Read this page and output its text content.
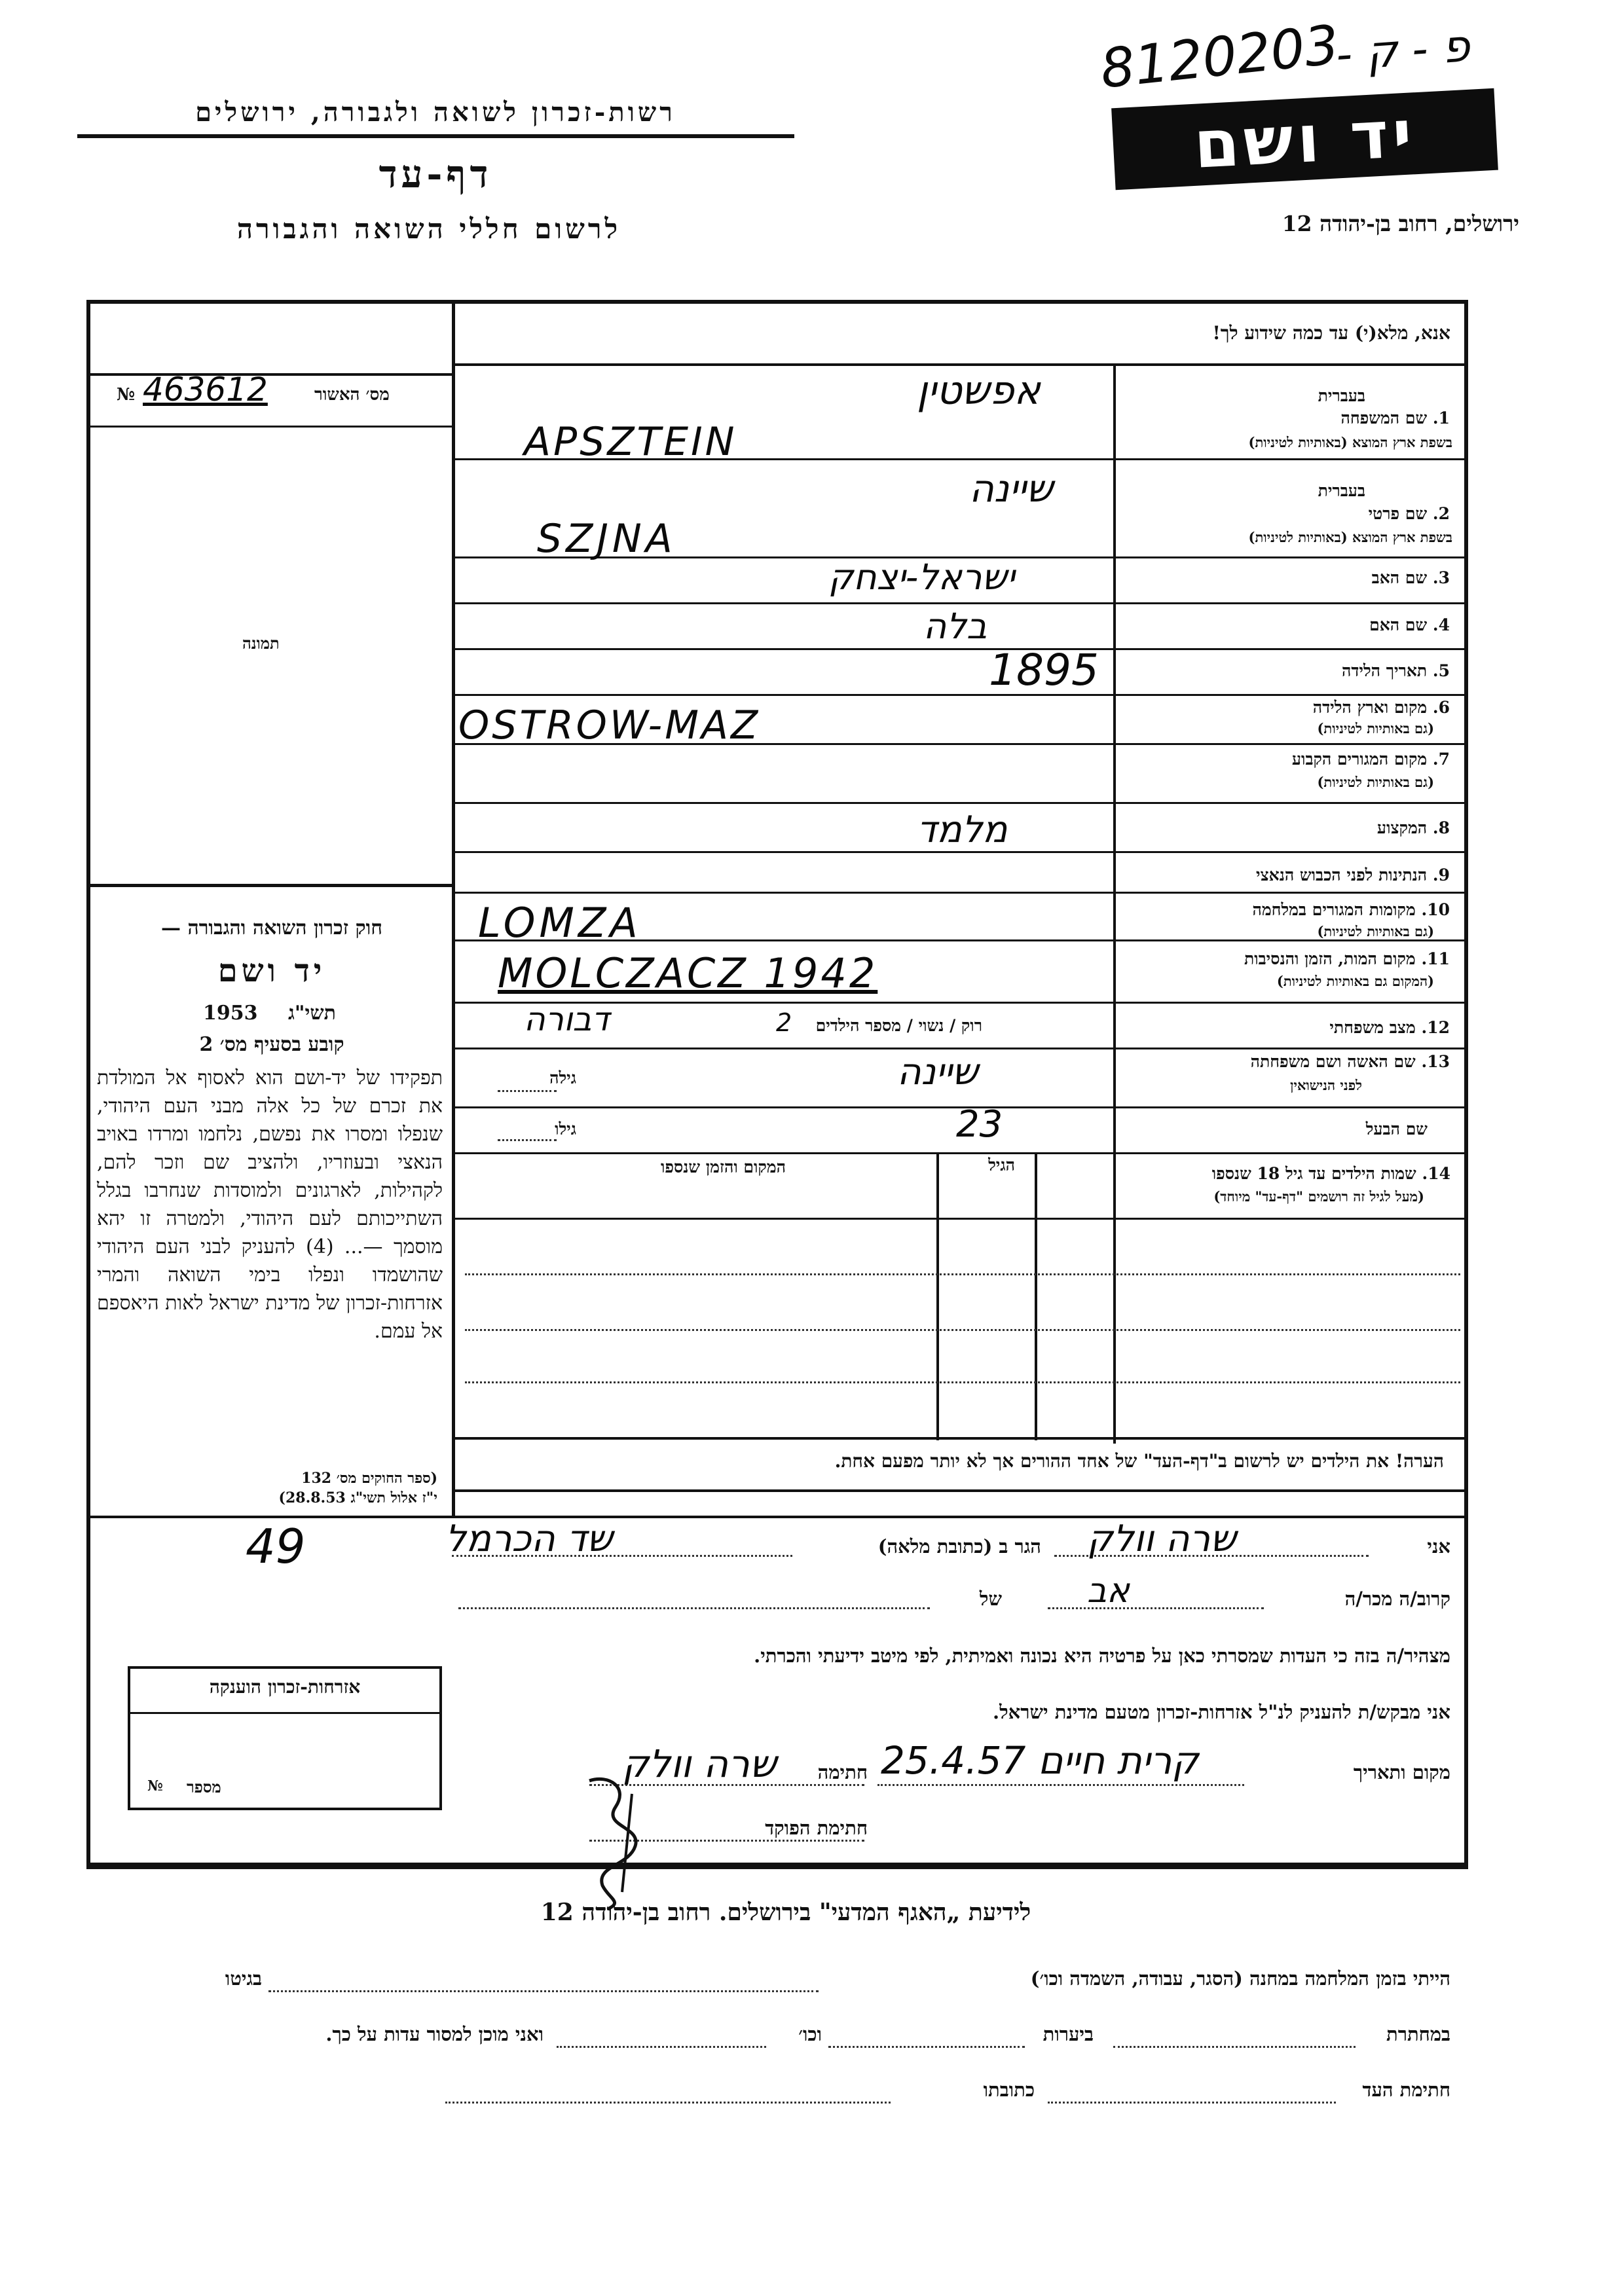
רשות-זכרון לשואה ולגבורה, ירושלים
דף-עד
לרשום חללי השואה והגבורה
יד ושם
8120203
פ - ק -
ירושלים, רחוב בן-יהודה 12
אנא, מלא(י) עד כמה שידוע לך!
מס׳ האשור
№ 463612
תמונה
בעברית
1. שם המשפחה
בשפת ארץ המוצא (באותיות לטיניות)
אפשטין
APSZTEIN
בעברית
2. שם פרטי
בשפת ארץ המוצא (באותיות לטיניות)
שיינה
SZJNA
3. שם האב
ישראל-יצחק
4. שם האם
בלה
5. תאריך הלידה
1895
6. מקום וארץ הלידה
(גם באותיות לטיניות)
OSTROW-MAZ
7. מקום המגורים הקבוע
(גם באותיות לטיניות)
8. המקצוע
מלמד
9. הנתינות לפני הכבוש הנאצי
10. מקומות המגורים במלחמה
(גם באותיות לטיניות)
LOMZA
11. מקום המות, הזמן והנסיבות
(המקום גם באותיות לטיניות)
MOLCZACZ 1942
12. מצב משפחתי
רוק / נשוי / מספר הילדים
2
דבורה
13. שם האשה ושם משפחתה
לפני הנישואין
גילה	שיינה
שם הבעל
גילו	23
14. שמות הילדים עד גיל 18 שנספו
(מעל לגיל זה רושמים "דף-עד" מיוחד)
הגיל
המקום והזמן שנספו
הערה! את הילדים יש לרשום ב"דף-העד" של אחד ההורים אך לא יותר מפעם אחת.
חוק זכרון השואה והגבורה —
יד ושם
תשי"ג
1953
קובע בסעיף מס׳ 2
תפקידו של יד-ושם הוא לאסוף אל המולדת את זכרם של כל אלה מבני העם היהודי, שנפלו ומסרו את נפשם, נלחמו ומרדו באויב הנאצי ובעוזריו, ולהציב שם וזכר להם, לקהילות, לארגונים ולמוסדות שנחרבו בגלל השתייכותם לעם היהודי, ולמטרה זו יהא מוסמך —... (4) להעניק לבני העם היהודי שהושמדו ונפלו בימי השואה והמרי אזרחות-זכרון של מדינת ישראל לאות היאספם אל עמם.
(ספר החוקים מס׳ 132
י"ז אלול תשי"ג 28.8.53)
אני
שרה וולק
הגר ב (כתובת מלאה)
שד הכרמל
49
קרוב/ה מכר/ה
אב
של
מצהיר/ה בזה כי העדות שמסרתי כאן על פרטיה היא נכונה ואמיתית, לפי מיטב ידיעתי והכרתי.
אני מבקש/ת להעניק לנ"ל אזרחות-זכרון מטעם מדינת ישראל.
מקום ותאריך
קרית חיים 25.4.57
חתימה
שרה וולק
חתימת הפוקד
אזרחות-זכרון הוענקה
מספר
№
לידיעת „האגף המדעי" בירושלים. רחוב בן-יהודה 12
הייתי בזמן המלחמה במחנה (הסגר, עבודה, השמדה וכו׳)
בגיטו
במחתרת
ביערות
וכו׳
ואני מוכן למסור עדות על כך.
חתימת העד
כתובתו
